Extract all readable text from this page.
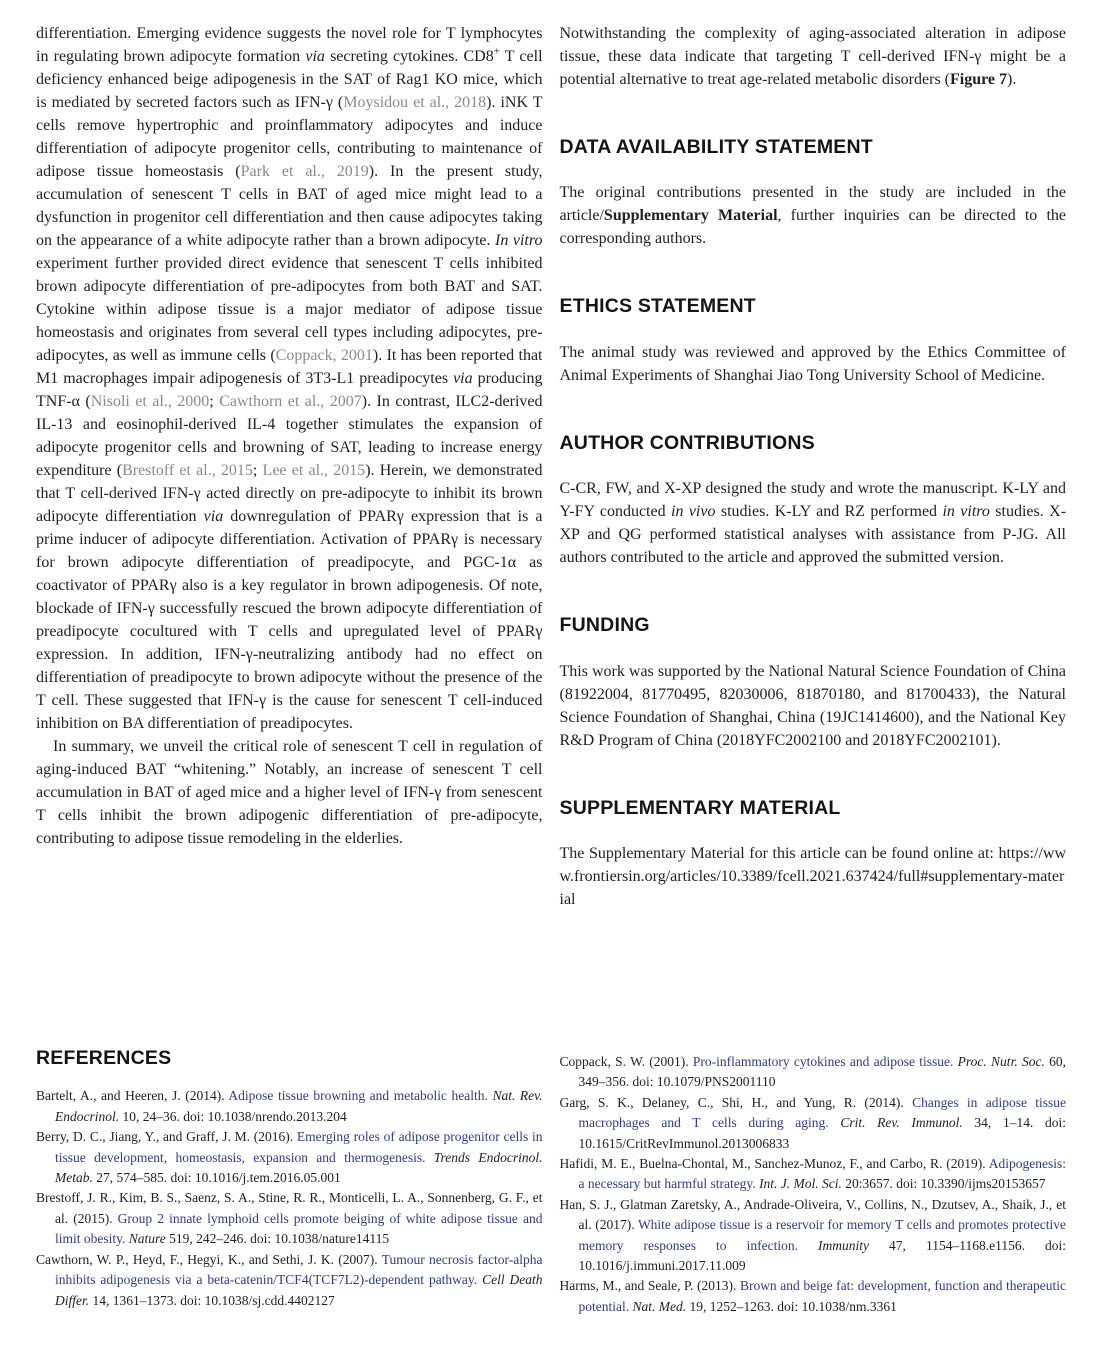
differentiation. Emerging evidence suggests the novel role for T lymphocytes in regulating brown adipocyte formation via secreting cytokines. CD8+ T cell deficiency enhanced beige adipogenesis in the SAT of Rag1 KO mice, which is mediated by secreted factors such as IFN-γ (Moysidou et al., 2018). iNK T cells remove hypertrophic and proinflammatory adipocytes and induce differentiation of adipocyte progenitor cells, contributing to maintenance of adipose tissue homeostasis (Park et al., 2019). In the present study, accumulation of senescent T cells in BAT of aged mice might lead to a dysfunction in progenitor cell differentiation and then cause adipocytes taking on the appearance of a white adipocyte rather than a brown adipocyte. In vitro experiment further provided direct evidence that senescent T cells inhibited brown adipocyte differentiation of pre-adipocytes from both BAT and SAT. Cytokine within adipose tissue is a major mediator of adipose tissue homeostasis and originates from several cell types including adipocytes, pre-adipocytes, as well as immune cells (Coppack, 2001). It has been reported that M1 macrophages impair adipogenesis of 3T3-L1 preadipocytes via producing TNF-α (Nisoli et al., 2000; Cawthorn et al., 2007). In contrast, ILC2-derived IL-13 and eosinophil-derived IL-4 together stimulates the expansion of adipocyte progenitor cells and browning of SAT, leading to increase energy expenditure (Brestoff et al., 2015; Lee et al., 2015). Herein, we demonstrated that T cell-derived IFN-γ acted directly on pre-adipocyte to inhibit its brown adipocyte differentiation via downregulation of PPARγ expression that is a prime inducer of adipocyte differentiation. Activation of PPARγ is necessary for brown adipocyte differentiation of preadipocyte, and PGC-1α as coactivator of PPARγ also is a key regulator in brown adipogenesis. Of note, blockade of IFN-γ successfully rescued the brown adipocyte differentiation of preadipocyte cocultured with T cells and upregulated level of PPARγ expression. In addition, IFN-γ-neutralizing antibody had no effect on differentiation of preadipocyte to brown adipocyte without the presence of the T cell. These suggested that IFN-γ is the cause for senescent T cell-induced inhibition on BA differentiation of preadipocytes.

In summary, we unveil the critical role of senescent T cell in regulation of aging-induced BAT “whitening.” Notably, an increase of senescent T cell accumulation in BAT of aged mice and a higher level of IFN-γ from senescent T cells inhibit the brown adipogenic differentiation of pre-adipocyte, contributing to adipose tissue remodeling in the elderlies.

REFERENCES

Bartelt, A., and Heeren, J. (2014). Adipose tissue browning and metabolic health. Nat. Rev. Endocrinol. 10, 24–36. doi: 10.1038/nrendo.2013.204

Berry, D. C., Jiang, Y., and Graff, J. M. (2016). Emerging roles of adipose progenitor cells in tissue development, homeostasis, expansion and thermogenesis. Trends Endocrinol. Metab. 27, 574–585. doi: 10.1016/j.tem.2016.05.001

Brestoff, J. R., Kim, B. S., Saenz, S. A., Stine, R. R., Monticelli, L. A., Sonnenberg, G. F., et al. (2015). Group 2 innate lymphoid cells promote beiging of white adipose tissue and limit obesity. Nature 519, 242–246. doi: 10.1038/nature14115

Cawthorn, W. P., Heyd, F., Hegyi, K., and Sethi, J. K. (2007). Tumour necrosis factor-alpha inhibits adipogenesis via a beta-catenin/TCF4(TCF7L2)-dependent pathway. Cell Death Differ. 14, 1361–1373. doi: 10.1038/sj.cdd.4402127

Notwithstanding the complexity of aging-associated alteration in adipose tissue, these data indicate that targeting T cell-derived IFN-γ might be a potential alternative to treat age-related metabolic disorders (Figure 7).

DATA AVAILABILITY STATEMENT

The original contributions presented in the study are included in the article/Supplementary Material, further inquiries can be directed to the corresponding authors.

ETHICS STATEMENT

The animal study was reviewed and approved by the Ethics Committee of Animal Experiments of Shanghai Jiao Tong University School of Medicine.

AUTHOR CONTRIBUTIONS

C-CR, FW, and X-XP designed the study and wrote the manuscript. K-LY and Y-FY conducted in vivo studies. K-LY and RZ performed in vitro studies. X-XP and QG performed statistical analyses with assistance from P-JG. All authors contributed to the article and approved the submitted version.

FUNDING

This work was supported by the National Natural Science Foundation of China (81922004, 81770495, 82030006, 81870180, and 81700433), the Natural Science Foundation of Shanghai, China (19JC1414600), and the National Key R&D Program of China (2018YFC2002100 and 2018YFC2002101).

SUPPLEMENTARY MATERIAL

The Supplementary Material for this article can be found online at: https://www.frontiersin.org/articles/10.3389/fcell.2021.637424/full#supplementary-material

Coppack, S. W. (2001). Pro-inflammatory cytokines and adipose tissue. Proc. Nutr. Soc. 60, 349–356. doi: 10.1079/PNS2001110

Garg, S. K., Delaney, C., Shi, H., and Yung, R. (2014). Changes in adipose tissue macrophages and T cells during aging. Crit. Rev. Immunol. 34, 1–14. doi: 10.1615/CritRevImmunol.2013006833

Hafidi, M. E., Buelna-Chontal, M., Sanchez-Munoz, F., and Carbo, R. (2019). Adipogenesis: a necessary but harmful strategy. Int. J. Mol. Sci. 20:3657. doi: 10.3390/ijms20153657

Han, S. J., Glatman Zaretsky, A., Andrade-Oliveira, V., Collins, N., Dzutsev, A., Shaik, J., et al. (2017). White adipose tissue is a reservoir for memory T cells and promotes protective memory responses to infection. Immunity 47, 1154–1168.e1156. doi: 10.1016/j.immuni.2017.11.009

Harms, M., and Seale, P. (2013). Brown and beige fat: development, function and therapeutic potential. Nat. Med. 19, 1252–1263. doi: 10.1038/nm.3361
